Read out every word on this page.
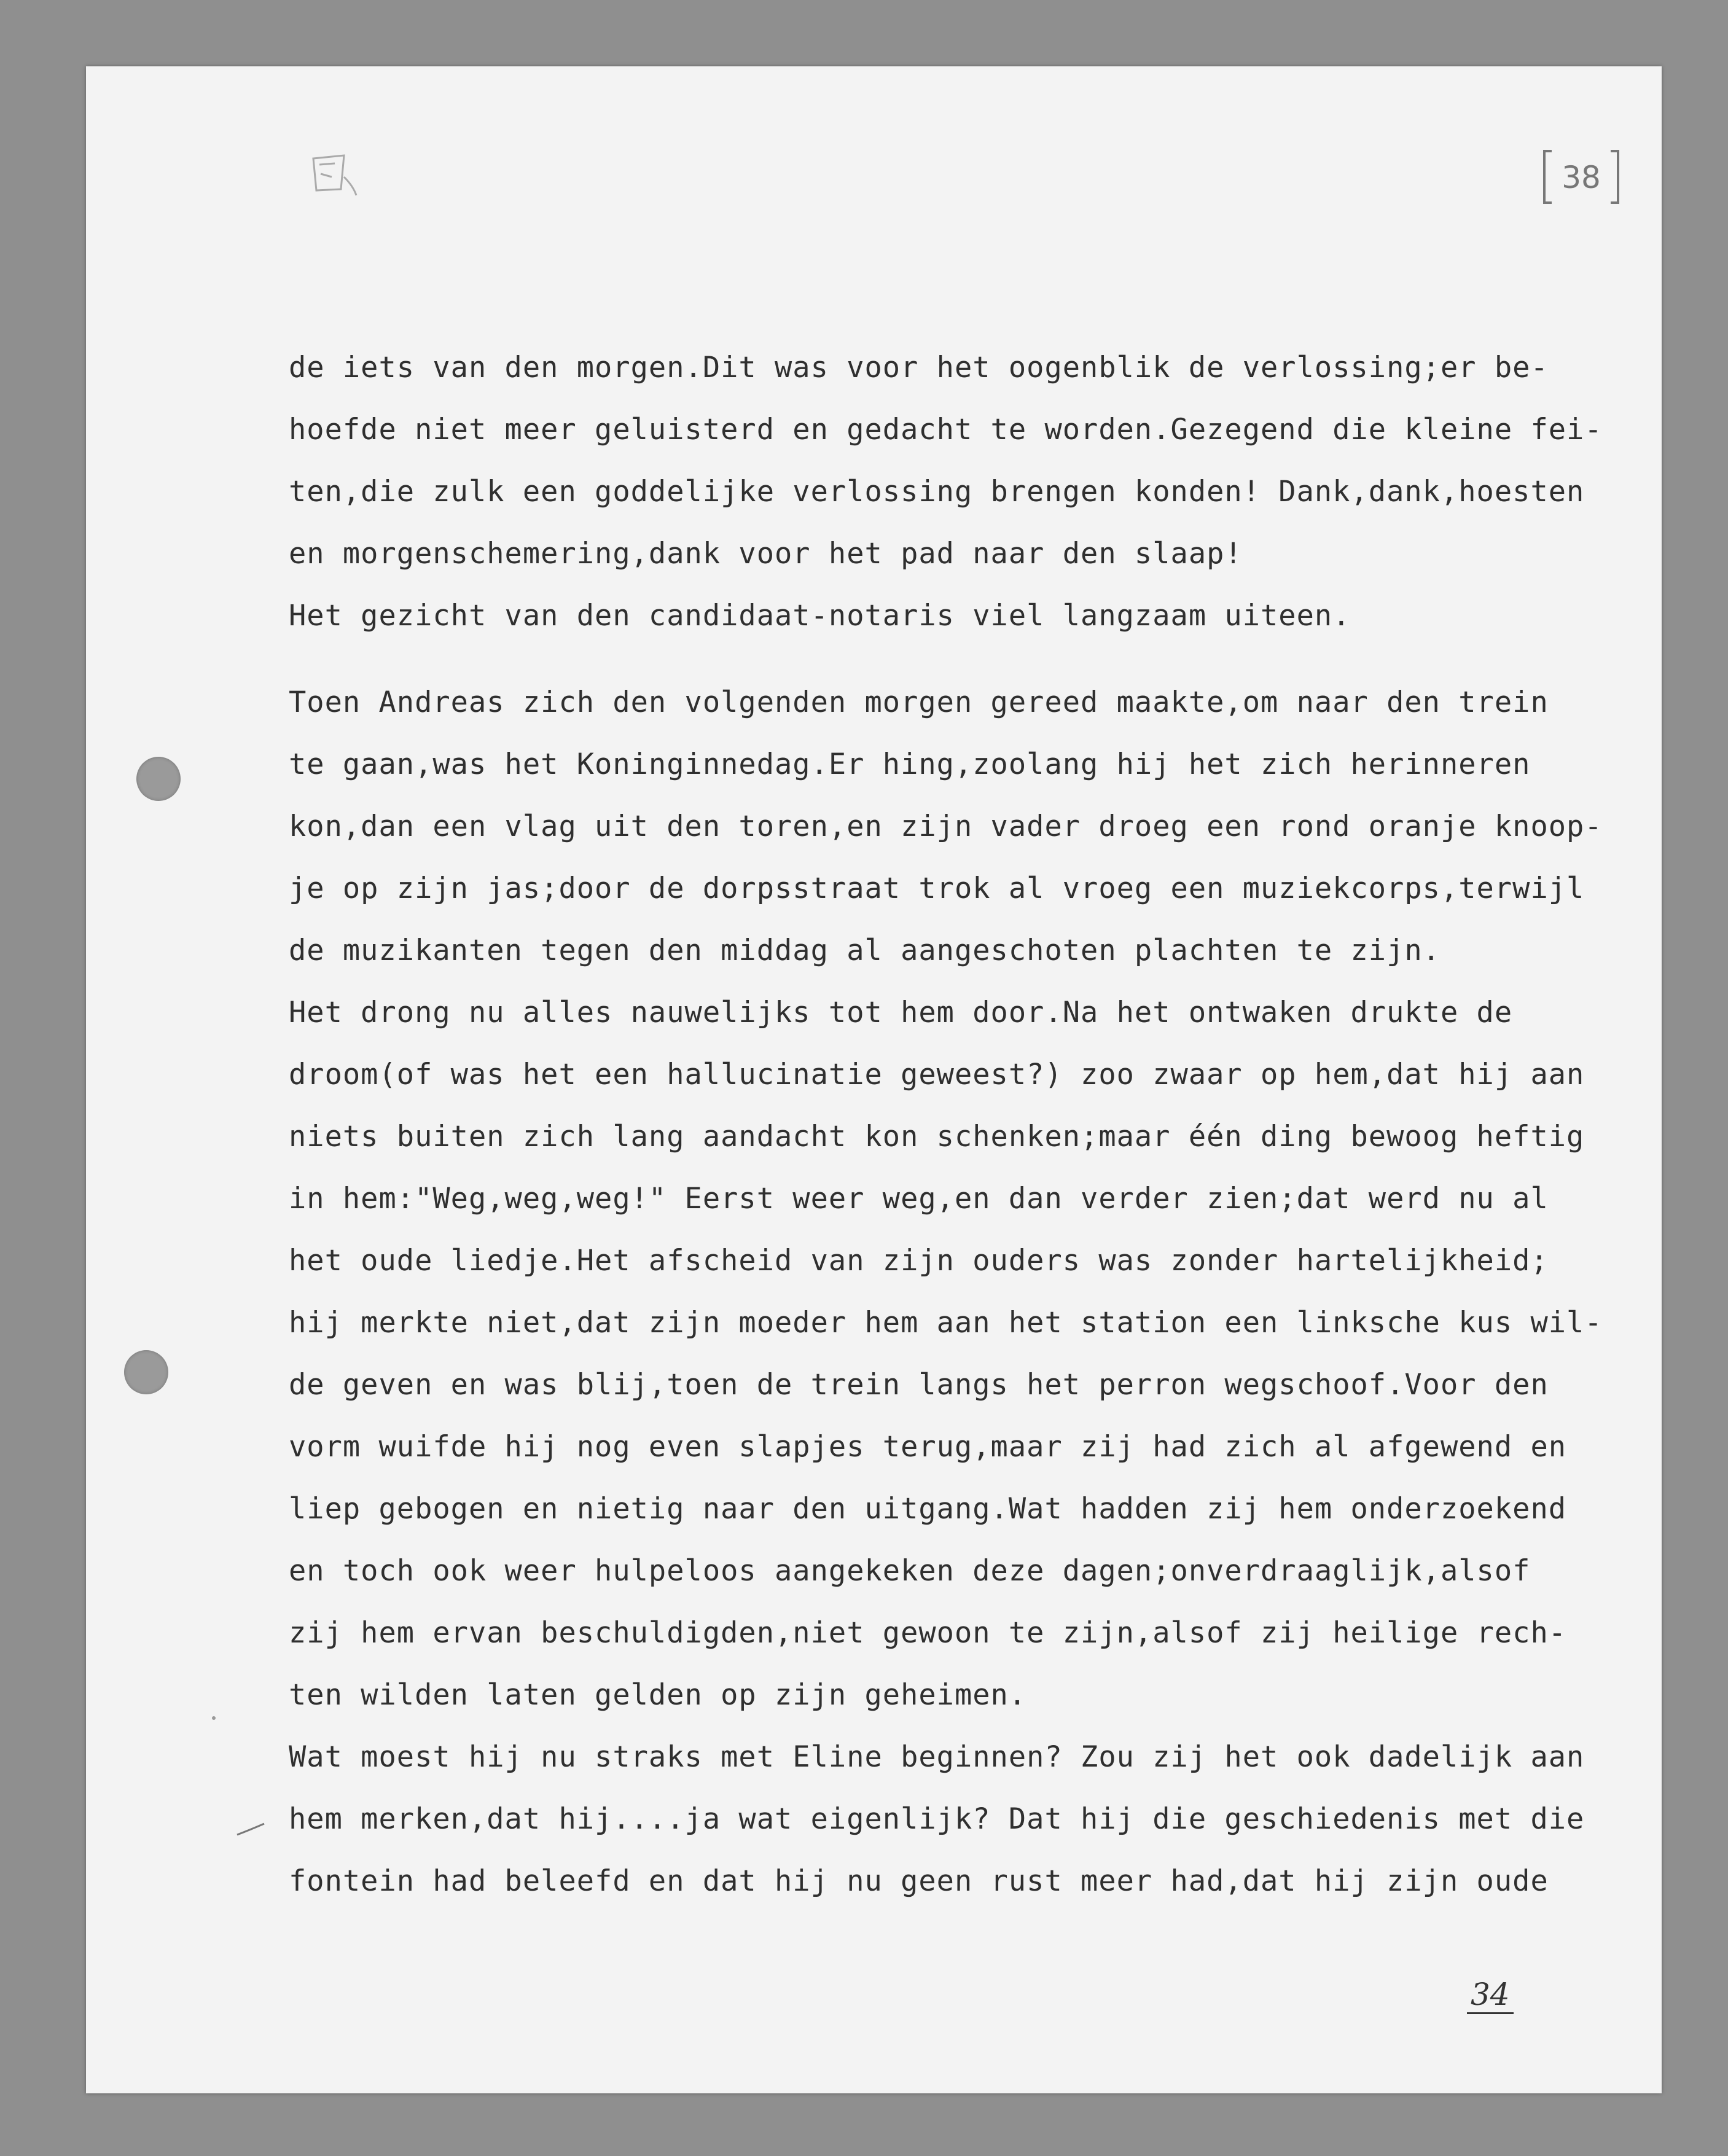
38
de iets van den morgen.Dit was voor het oogenblik de verlossing;er be-
hoefde niet meer geluisterd en gedacht te worden.Gezegend die kleine fei-
ten,die zulk een goddelijke verlossing brengen konden! Dank,dank,hoesten
en morgenschemering,dank voor het pad naar den slaap!
Het gezicht van den candidaat-notaris viel langzaam uiteen.
Toen Andreas zich den volgenden morgen gereed maakte,om naar den trein
te gaan,was het Koninginnedag.Er hing,zoolang hij het zich herinneren
kon,dan een vlag uit den toren,en zijn vader droeg een rond oranje knoop-
je op zijn jas;door de dorpsstraat trok al vroeg een muziekcorps,terwijl
de muzikanten tegen den middag al aangeschoten plachten te zijn.
Het drong nu alles nauwelijks tot hem door.Na het ontwaken drukte de
droom(of was het een hallucinatie geweest?) zoo zwaar op hem,dat hij aan
niets buiten zich lang aandacht kon schenken;maar één ding bewoog heftig
in hem:"Weg,weg,weg!" Eerst weer weg,en dan verder zien;dat werd nu al
het oude liedje.Het afscheid van zijn ouders was zonder hartelijkheid;
hij merkte niet,dat zijn moeder hem aan het station een linksche kus wil-
de geven en was blij,toen de trein langs het perron wegschoof.Voor den
vorm wuifde hij nog even slapjes terug,maar zij had zich al afgewend en
liep gebogen en nietig naar den uitgang.Wat hadden zij hem onderzoekend
en toch ook weer hulpeloos aangekeken deze dagen;onverdraaglijk,alsof
zij hem ervan beschuldigden,niet gewoon te zijn,alsof zij heilige rech-
ten wilden laten gelden op zijn geheimen.
Wat moest hij nu straks met Eline beginnen? Zou zij het ook dadelijk aan
hem merken,dat hij....ja wat eigenlijk? Dat hij die geschiedenis met die
fontein had beleefd en dat hij nu geen rust meer had,dat hij zijn oude
34
